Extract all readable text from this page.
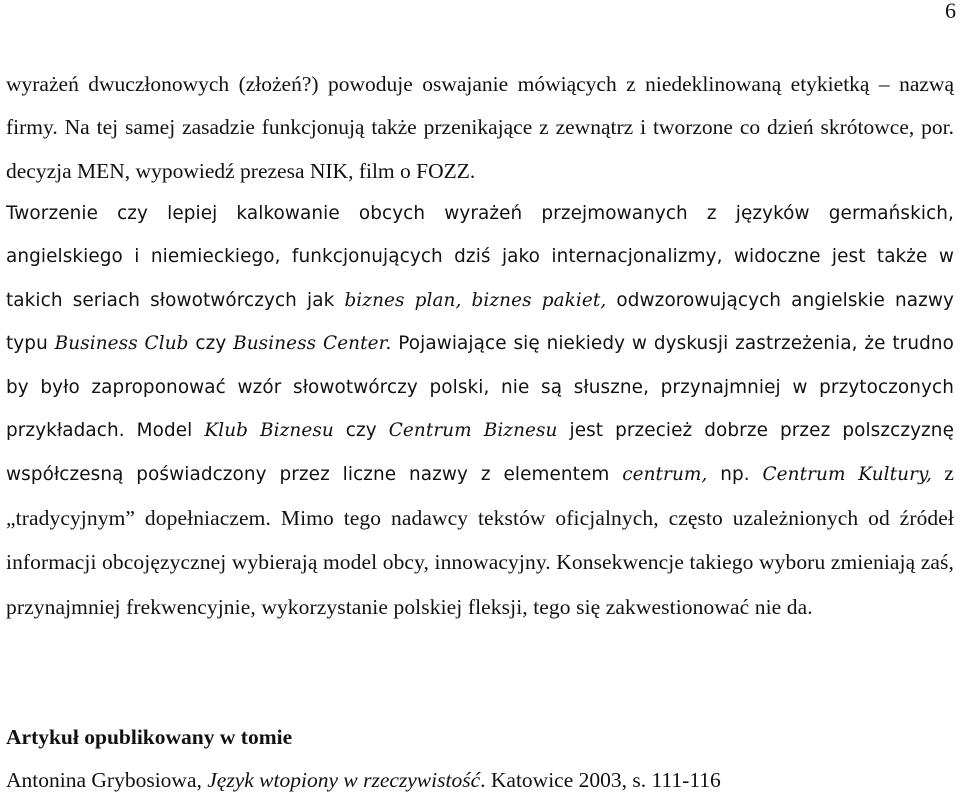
6

wyrażeń dwuczłonowych (złożeń?) powoduje oswajanie mówiących z niedeklinowaną etykietką – nazwą firmy. Na tej samej zasadzie funkcjonują także przenikające z zewnątrz i tworzone co dzień skrótowce, por. decyzja MEN, wypowiedź prezesa NIK, film o FOZZ.

Tworzenie czy lepiej kalkowanie obcych wyrażeń przejmowanych z języków germańskich, angielskiego i niemieckiego, funkcjonujących dziś jako internacjonalizmy, widoczne jest także w takich seriach słowotwórczych jak biznes plan, biznes pakiet, odwzorowujących angielskie nazwy typu Business Club czy Business Center. Pojawiające się niekiedy w dyskusji zastrzeżenia, że trudno by było zaproponować wzór słowotwórczy polski, nie są słuszne, przynajmniej w przytoczonych przykładach. Model Klub Biznesu czy Centrum Biznesu jest przecież dobrze przez polszczyznę współczesną poświadczony przez liczne nazwy z elementem centrum, np. Centrum Kultury, z „tradycyjnym” dopełniaczem. Mimo tego nadawcy tekstów oficjalnych, często uzależnionych od źródeł informacji obcojęzycznej wybierają model obcy, innowacyjny. Konsekwencje takiego wyboru zmieniają zaś, przynajmniej frekwencyjnie, wykorzystanie polskiej fleksji, tego się zakwestionować nie da.

Artykuł opublikowany w tomie

Antonina Grybosiowa, Język wtopiony w rzeczywistość. Katowice 2003, s. 111-116
